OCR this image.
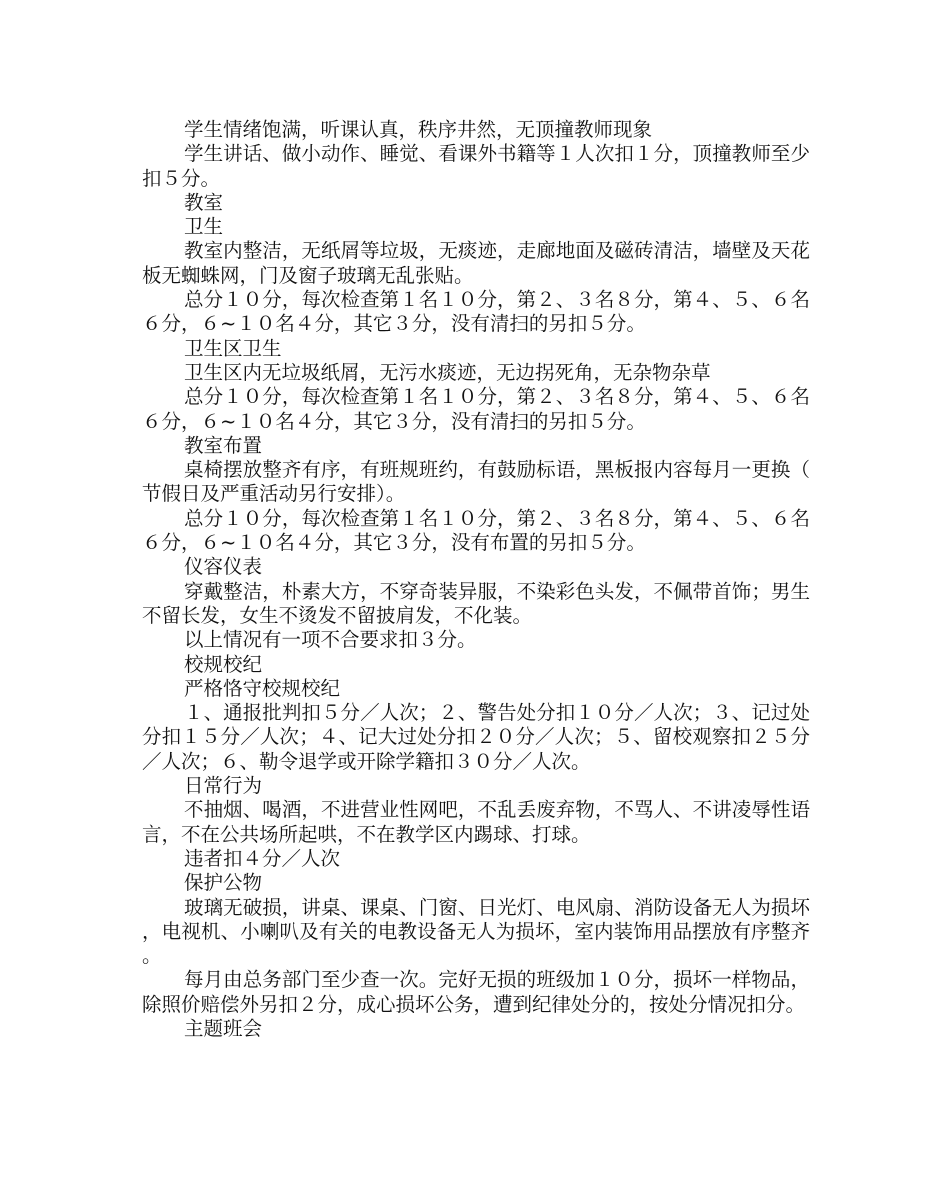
学生情绪饱满，听课认真，秩序井然，无顶撞教师现象

学生讲话、做小动作、睡觉、看课外书籍等１人次扣１分，顶撞教师至少扣５分。

教室

卫生

教室内整洁，无纸屑等垃圾，无痰迹，走廊地面及磁砖清洁，墙壁及天花板无蜘蛛网，门及窗子玻璃无乱张贴。

总分１０分，每次检查第１名１０分，第２、３名８分，第４、５、６名６分，６~１０名４分，其它３分，没有清扫的另扣５分。

卫生区卫生

卫生区内无垃圾纸屑，无污水痰迹，无边拐死角，无杂物杂草

总分１０分，每次检查第１名１０分，第２、３名８分，第４、５、６名６分，６~１０名４分，其它３分，没有清扫的另扣５分。

教室布置

桌椅摆放整齐有序，有班规班约，有鼓励标语，黑板报内容每月一更换（节假日及严重活动另行安排）。

总分１０分，每次检查第１名１０分，第２、３名８分，第４、５、６名６分，６~１０名４分，其它３分，没有布置的另扣５分。

仪容仪表

穿戴整洁，朴素大方，不穿奇装异服，不染彩色头发，不佩带首饰；男生不留长发，女生不烫发不留披肩发，不化装。

以上情况有一项不合要求扣３分。

校规校纪

严格恪守校规校纪

１、通报批判扣５分／人次；２、警告处分扣１０分／人次；３、记过处分扣１５分／人次；４、记大过处分扣２０分／人次；５、留校观察扣２５分／人次；６、勒令退学或开除学籍扣３０分／人次。

日常行为

不抽烟、喝酒，不进营业性网吧，不乱丢废弃物，不骂人、不讲凌辱性语言，不在公共场所起哄，不在教学区内踢球、打球。

违者扣４分／人次

保护公物

玻璃无破损，讲桌、课桌、门窗、日光灯、电风扇、消防设备无人为损坏，电视机、小喇叭及有关的电教设备无人为损坏，室内装饰用品摆放有序整齐。

每月由总务部门至少查一次。完好无损的班级加１０分，损坏一样物品，除照价赔偿外另扣２分，成心损坏公务，遭到纪律处分的，按处分情况扣分。

主题班会
